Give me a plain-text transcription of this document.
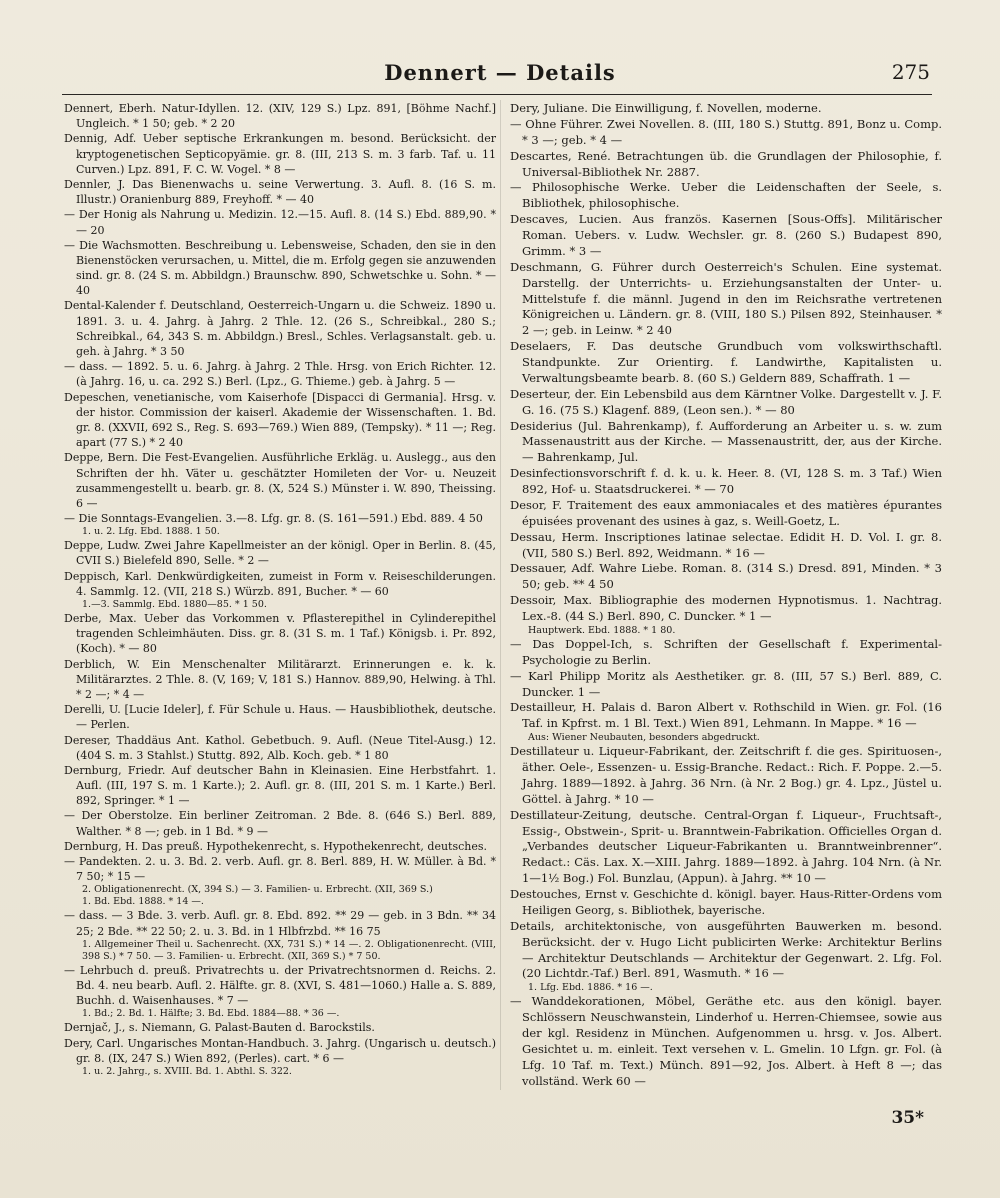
Dennert — Details	275
Dennert, Eberh. Natur-Idyllen. 12. (XIV, 129 S.) Lpz. 891, [Böhme Nachf.] Ungleich. * 1 50; geb. * 2 20
Dennig, Adf. Ueber septische Erkrankungen m. besond. Berücksicht. der kryptogenetischen Septicopyämie. gr. 8. (III, 213 S. m. 3 farb. Taf. u. 11 Curven.) Lpz. 891, F. C. W. Vogel. * 8 —
Dennler, J. Das Bienenwachs u. seine Verwertung. 3. Aufl. 8. (16 S. m. Illustr.) Oranienburg 889, Freyhoff. * — 40
— Der Honig als Nahrung u. Medizin. 12.—15. Aufl. 8. (14 S.) Ebd. 889,90. * — 20
— Die Wachsmotten. Beschreibung u. Lebensweise, Schaden, den sie in den Bienenstöcken verursachen, u. Mittel, die m. Erfolg gegen sie anzuwenden sind. gr. 8. (24 S. m. Abbildgn.) Braunschw. 890, Schwetschke u. Sohn. * — 40
Dental-Kalender f. Deutschland, Oesterreich-Ungarn u. die Schweiz. 1890 u. 1891. 3. u. 4. Jahrg. à Jahrg. 2 Thle. 12. (26 S., Schreibkal., 280 S.; Schreibkal., 64, 343 S. m. Abbildgn.) Bresl., Schles. Verlagsanstalt. geb. u. geh. à Jahrg. * 3 50
— dass. — 1892. 5. u. 6. Jahrg. à Jahrg. 2 Thle. Hrsg. von Erich Richter. 12. (à Jahrg. 16, u. ca. 292 S.) Berl. (Lpz., G. Thieme.) geb. à Jahrg. 5 —
Depeschen, venetianische, vom Kaiserhofe [Dispacci di Germania]. Hrsg. v. der histor. Commission der kaiserl. Akademie der Wissenschaften. 1. Bd. gr. 8. (XXVII, 692 S., Reg. S. 693—769.) Wien 889, (Tempsky). * 11 —; Reg. apart (77 S.) * 2 40
Deppe, Bern. Die Fest-Evangelien. Ausführliche Erkläg. u. Auslegg., aus den Schriften der hh. Väter u. geschätzter Homileten der Vor- u. Neuzeit zusammengestellt u. bearb. gr. 8. (X, 524 S.) Münster i. W. 890, Theissing. 6 —
— Die Sonntags-Evangelien. 3.—8. Lfg. gr. 8. (S. 161—591.) Ebd. 889. 4 50
1. u. 2. Lfg. Ebd. 1888. 1 50.
Deppe, Ludw. Zwei Jahre Kapellmeister an der königl. Oper in Berlin. 8. (45, CVII S.) Bielefeld 890, Selle. * 2 —
Deppisch, Karl. Denkwürdigkeiten, zumeist in Form v. Reiseschilderungen. 4. Sammlg. 12. (VII, 218 S.) Würzb. 891, Bucher. * — 60
1.—3. Sammlg. Ebd. 1880—85. * 1 50.
Derbe, Max. Ueber das Vorkommen v. Pflasterepithel in Cylinderepithel tragenden Schleimhäuten. Diss. gr. 8. (31 S. m. 1 Taf.) Königsb. i. Pr. 892, (Koch). * — 80
Derblich, W. Ein Menschenalter Militärarzt. Erinnerungen e. k. k. Militärarztes. 2 Thle. 8. (V, 169; V, 181 S.) Hannov. 889,90, Helwing. à Thl. * 2 —; * 4 —
Derelli, U. [Lucie Ideler], f. Für Schule u. Haus. — Hausbibliothek, deutsche. — Perlen.
Dereser, Thaddäus Ant. Kathol. Gebetbuch. 9. Aufl. (Neue Titel-Ausg.) 12. (404 S. m. 3 Stahlst.) Stuttg. 892, Alb. Koch. geb. * 1 80
Dernburg, Friedr. Auf deutscher Bahn in Kleinasien. Eine Herbstfahrt. 1. Aufl. (III, 197 S. m. 1 Karte.); 2. Aufl. gr. 8. (III, 201 S. m. 1 Karte.) Berl. 892, Springer. * 1 —
— Der Oberstolze. Ein berliner Zeitroman. 2 Bde. 8. (646 S.) Berl. 889, Walther. * 8 —; geb. in 1 Bd. * 9 —
Dernburg, H. Das preuß. Hypothekenrecht, s. Hypothekenrecht, deutsches.
— Pandekten. 2. u. 3. Bd. 2. verb. Aufl. gr. 8. Berl. 889, H. W. Müller. à Bd. * 7 50; * 15 —
2. Obligationenrecht. (X, 394 S.) — 3. Familien- u. Erbrecht. (XII, 369 S.)
1. Bd. Ebd. 1888. * 14 —.
— dass. — 3 Bde. 3. verb. Aufl. gr. 8. Ebd. 892. ** 29 — geb. in 3 Bdn. ** 34 25; 2 Bde. ** 22 50; 2. u. 3. Bd. in 1 Hlbfrzbd. ** 16 75
1. Allgemeiner Theil u. Sachenrecht. (XX, 731 S.) * 14 —. 2. Obligationenrecht. (VIII, 398 S.) * 7 50. — 3. Familien- u. Erbrecht. (XII, 369 S.) * 7 50.
— Lehrbuch d. preuß. Privatrechts u. der Privatrechtsnormen d. Reichs. 2. Bd. 4. neu bearb. Aufl. 2. Hälfte. gr. 8. (XVI, S. 481—1060.) Halle a. S. 889, Buchh. d. Waisenhauses. * 7 —
1. Bd.; 2. Bd. 1. Hälfte; 3. Bd. Ebd. 1884—88. * 36 —.
Dernjač, J., s. Niemann, G. Palast-Bauten d. Barockstils.
Dery, Carl. Ungarisches Montan-Handbuch. 3. Jahrg. (Ungarisch u. deutsch.) gr. 8. (IX, 247 S.) Wien 892, (Perles). cart. * 6 —
1. u. 2. Jahrg., s. XVIII. Bd. 1. Abthl. S. 322.
Dery, Juliane. Die Einwilligung, f. Novellen, moderne.
— Ohne Führer. Zwei Novellen. 8. (III, 180 S.) Stuttg. 891, Bonz u. Comp. * 3 —; geb. * 4 —
Descartes, René. Betrachtungen üb. die Grundlagen der Philosophie, f. Universal-Bibliothek Nr. 2887.
— Philosophische Werke. Ueber die Leidenschaften der Seele, s. Bibliothek, philosophische.
Descaves, Lucien. Aus französ. Kasernen [Sous-Offs]. Militärischer Roman. Uebers. v. Ludw. Wechsler. gr. 8. (260 S.) Budapest 890, Grimm. * 3 —
Deschmann, G. Führer durch Oesterreich's Schulen. Eine systemat. Darstellg. der Unterrichts- u. Erziehungsanstalten der Unter- u. Mittelstufe f. die männl. Jugend in den im Reichsrathe vertretenen Königreichen u. Ländern. gr. 8. (VIII, 180 S.) Pilsen 892, Steinhauser. * 2 —; geb. in Leinw. * 2 40
Deselaers, F. Das deutsche Grundbuch vom volkswirthschaftl. Standpunkte. Zur Orientirg. f. Landwirthe, Kapitalisten u. Verwaltungsbeamte bearb. 8. (60 S.) Geldern 889, Schaffrath. 1 —
Deserteur, der. Ein Lebensbild aus dem Kärntner Volke. Dargestellt v. J. F. G. 16. (75 S.) Klagenf. 889, (Leon sen.). * — 80
Desiderius (Jul. Bahrenkamp), f. Aufforderung an Arbeiter u. s. w. zum Massenaustritt aus der Kirche. — Massenaustritt, der, aus der Kirche. — Bahrenkamp, Jul.
Desinfectionsvorschrift f. d. k. u. k. Heer. 8. (VI, 128 S. m. 3 Taf.) Wien 892, Hof- u. Staatsdruckerei. * — 70
Desor, F. Traitement des eaux ammoniacales et des matières épurantes épuisées provenant des usines à gaz, s. Weill-Goetz, L.
Dessau, Herm. Inscriptiones latinae selectae. Edidit H. D. Vol. I. gr. 8. (VII, 580 S.) Berl. 892, Weidmann. * 16 —
Dessauer, Adf. Wahre Liebe. Roman. 8. (314 S.) Dresd. 891, Minden. * 3 50; geb. ** 4 50
Dessoir, Max. Bibliographie des modernen Hypnotismus. 1. Nachtrag. Lex.-8. (44 S.) Berl. 890, C. Duncker. * 1 —
Hauptwerk. Ebd. 1888. * 1 80.
— Das Doppel-Ich, s. Schriften der Gesellschaft f. Experimental-Psychologie zu Berlin.
— Karl Philipp Moritz als Aesthetiker. gr. 8. (III, 57 S.) Berl. 889, C. Duncker. 1 —
Destailleur, H. Palais d. Baron Albert v. Rothschild in Wien. gr. Fol. (16 Taf. in Kpfrst. m. 1 Bl. Text.) Wien 891, Lehmann. In Mappe. * 16 —
Aus: Wiener Neubauten, besonders abgedruckt.
Destillateur u. Liqueur-Fabrikant, der. Zeitschrift f. die ges. Spirituosen-, äther. Oele-, Essenzen- u. Essig-Branche. Redact.: Rich. F. Poppe. 2.—5. Jahrg. 1889—1892. à Jahrg. 36 Nrn. (à Nr. 2 Bog.) gr. 4. Lpz., Jüstel u. Göttel. à Jahrg. * 10 —
Destillateur-Zeitung, deutsche. Central-Organ f. Liqueur-, Fruchtsaft-, Essig-, Obstwein-, Sprit- u. Branntwein-Fabrikation. Officielles Organ d. „Verbandes deutscher Liqueur-Fabrikanten u. Branntweinbrenner“. Redact.: Cäs. Lax. X.—XIII. Jahrg. 1889—1892. à Jahrg. 104 Nrn. (à Nr. 1—1½ Bog.) Fol. Bunzlau, (Appun). à Jahrg. ** 10 —
Destouches, Ernst v. Geschichte d. königl. bayer. Haus-Ritter-Ordens vom Heiligen Georg, s. Bibliothek, bayerische.
Details, architektonische, von ausgeführten Bauwerken m. besond. Berücksicht. der v. Hugo Licht publicirten Werke: Architektur Berlins — Architektur Deutschlands — Architektur der Gegenwart. 2. Lfg. Fol. (20 Lichtdr.-Taf.) Berl. 891, Wasmuth. * 16 —
1. Lfg. Ebd. 1886. * 16 —.
— Wanddekorationen, Möbel, Geräthe etc. aus den königl. bayer. Schlössern Neuschwanstein, Linderhof u. Herren-Chiemsee, sowie aus der kgl. Residenz in München. Aufgenommen u. hrsg. v. Jos. Albert. Gesichtet u. m. einleit. Text versehen v. L. Gmelin. 10 Lfgn. gr. Fol. (à Lfg. 10 Taf. m. Text.) Münch. 891—92, Jos. Albert. à Heft 8 —; das vollständ. Werk 60 —
35*
